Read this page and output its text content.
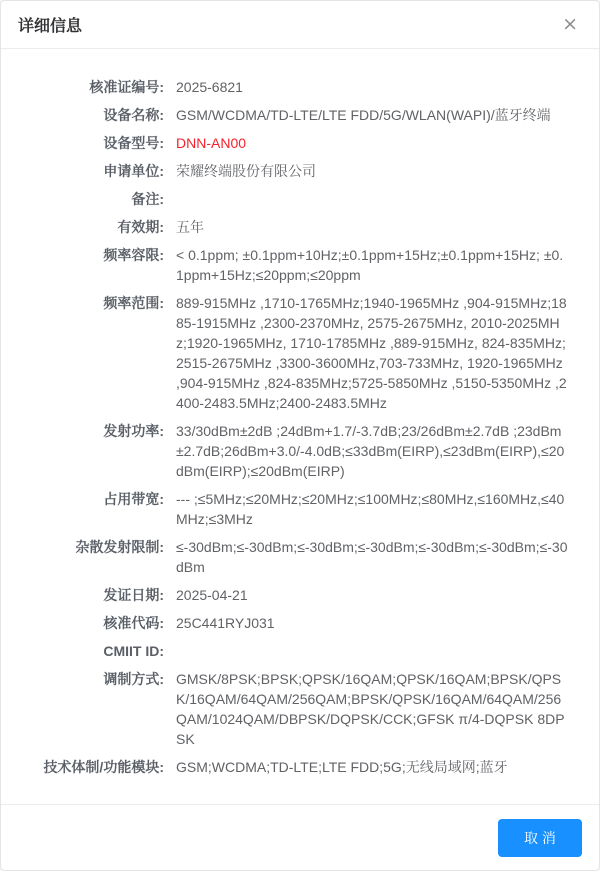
详细信息	×
核准证编号: 2025-6821
设备名称: GSM/WCDMA/TD-LTE/LTE FDD/5G/WLAN(WAPI)/蓝牙终端
设备型号: DNN-AN00
申请单位: 荣耀终端股份有限公司
备注:
有效期: 五年
频率容限: < 0.1ppm; ±0.1ppm+10Hz;±0.1ppm+15Hz;±0.1ppm+15Hz; ±0.1ppm+15Hz;≤20ppm;≤20ppm
频率范围: 889-915MHz ,1710-1765MHz;1940-1965MHz ,904-915MHz;1885-1915MHz ,2300-2370MHz, 2575-2675MHz, 2010-2025MHz;1920-1965MHz, 1710-1785MHz ,889-915MHz, 824-835MHz;2515-2675MHz ,3300-3600MHz,703-733MHz, 1920-1965MHz ,904-915MHz ,824-835MHz;5725-5850MHz ,5150-5350MHz ,2400-2483.5MHz;2400-2483.5MHz
发射功率: 33/30dBm±2dB ;24dBm+1.7/-3.7dB;23/26dBm±2.7dB ;23dBm±2.7dB;26dBm+3.0/-4.0dB;≤33dBm(EIRP),≤23dBm(EIRP),≤20dBm(EIRP);≤20dBm(EIRP)
占用带宽: --- ;≤5MHz;≤20MHz;≤20MHz;≤100MHz;≤80MHz,≤160MHz,≤40MHz;≤3MHz
杂散发射限制: ≤-30dBm;≤-30dBm;≤-30dBm;≤-30dBm;≤-30dBm;≤-30dBm;≤-30dBm
发证日期: 2025-04-21
核准代码: 25C441RYJ031
CMIIT ID:
调制方式: GMSK/8PSK;BPSK;QPSK/16QAM;QPSK/16QAM;BPSK/QPSK/16QAM/64QAM/256QAM;BPSK/QPSK/16QAM/64QAM/256QAM/1024QAM/DBPSK/DQPSK/CCK;GFSK π/4-DQPSK 8DPSK
技术体制/功能模块: GSM;WCDMA;TD-LTE;LTE FDD;5G;无线局域网;蓝牙
取 消
